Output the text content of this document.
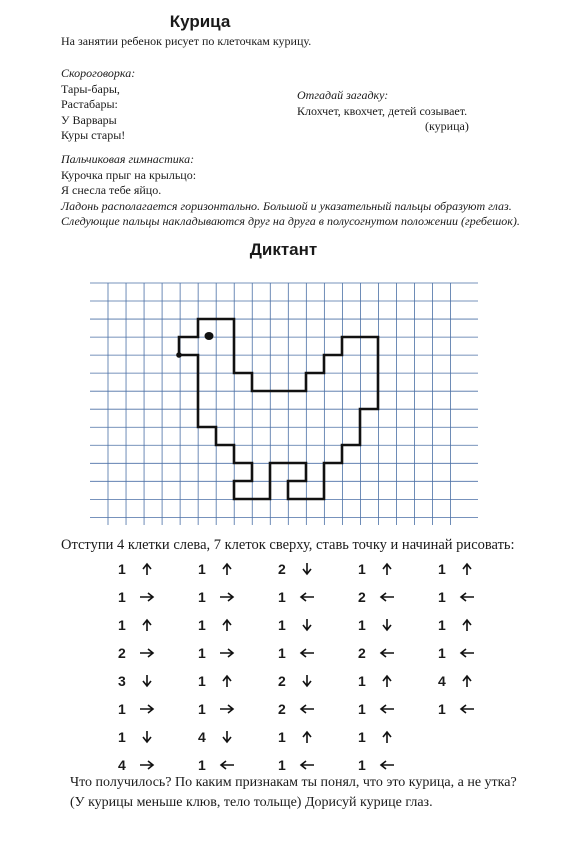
Курица
На занятии ребенок рисует по клеточкам курицу.
Скороговорка:
Тары-бары,
Растабары:
У Варвары
Куры стары!
Отгадай загадку:
Клохчет, квохчет, детей созывает.
(курица)
Пальчиковая гимнастика:
Курочка прыг на крыльцо:
Я снесла тебе яйцо.
Ладонь располагается горизонтально. Большой и указательный пальцы образуют глаз.
Следующие пальцы накладываются друг на друга в полусогнутом положении (гребешок).
Диктант
Отступи 4 клетки слева, 7 клеток сверху, ставь точку и начинай рисовать:
1
1
1
2
3
1
1
4
1
1
1
1
1
1
4
1
2
1
1
1
2
2
1
1
1
2
1
2
1
1
1
1
1
1
1
1
4
1
Что получилось? По каким признакам ты понял, что это курица, а не утка?
(У курицы меньше клюв, тело тольще) Дорисуй курице глаз.
